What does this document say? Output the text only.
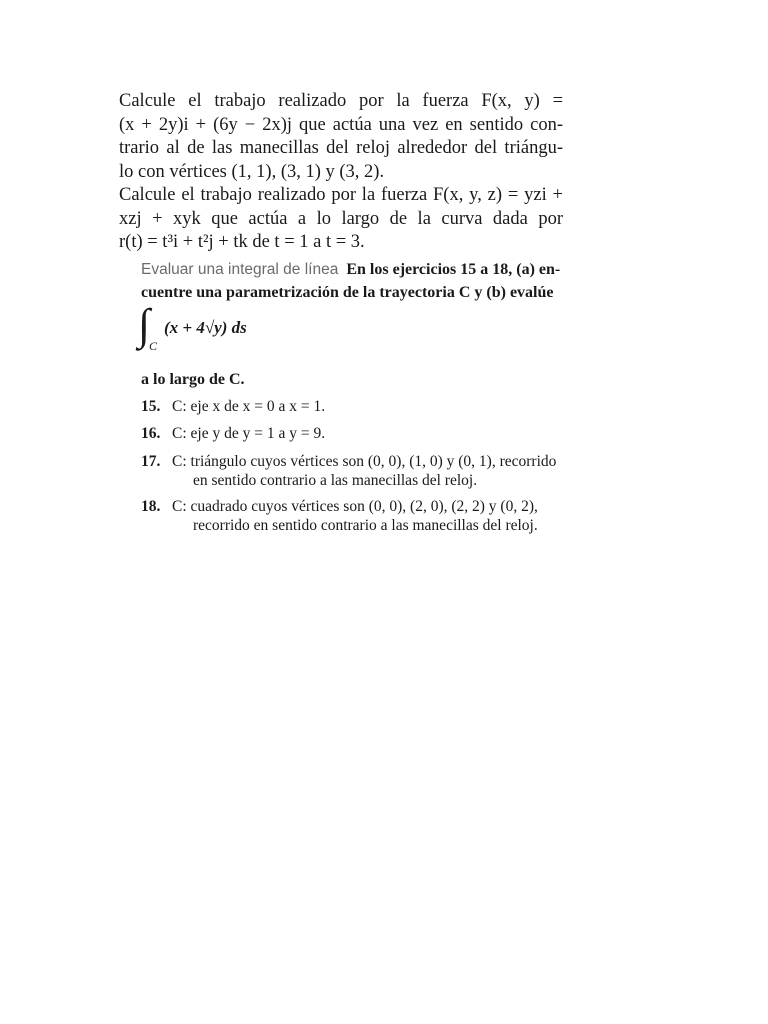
Calcule el trabajo realizado por la fuerza F(x, y) =
(x + 2y)i + (6y − 2x)j que actúa una vez en sentido con-
trario al de las manecillas del reloj alrededor del triángu-
lo con vértices (1, 1), (3, 1) y (3, 2).
Calcule el trabajo realizado por la fuerza F(x, y, z) = yzi +
xzj + xyk que actúa a lo largo de la curva dada por
r(t) = t³i + t²j + tk de t = 1 a t = 3.
Evaluar una integral de línea En los ejercicios 15 a 18, (a) en-
cuentre una parametrización de la trayectoria C y (b) evalúe
∫
C
(x + 4√y) ds
a lo largo de C.
15. C: eje x de x = 0 a x = 1.
16. C: eje y de y = 1 a y = 9.
17. C: triángulo cuyos vértices son (0, 0), (1, 0) y (0, 1), recorrido
en sentido contrario a las manecillas del reloj.
18. C: cuadrado cuyos vértices son (0, 0), (2, 0), (2, 2) y (0, 2),
recorrido en sentido contrario a las manecillas del reloj.
